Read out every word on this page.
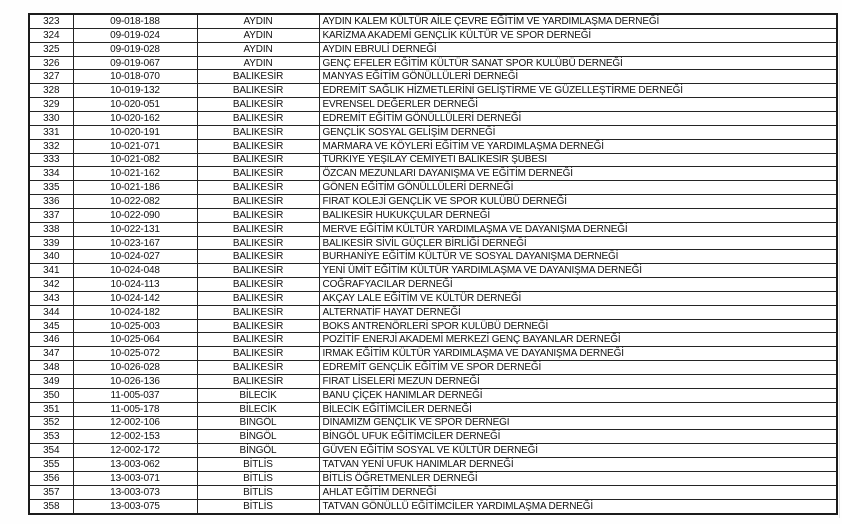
323	09-018-188	AYDIN	AYDIN KALEM KÜLTÜR AİLE ÇEVRE EĞİTİM VE YARDIMLAŞMA DERNEĞİ
324	09-019-024	AYDIN	KARİZMA AKADEMİ GENÇLİK KÜLTÜR VE SPOR DERNEĞİ
325	09-019-028	AYDIN	AYDIN EBRULİ DERNEĞİ
326	09-019-067	AYDIN	GENÇ EFELER EĞİTİM KÜLTÜR SANAT SPOR KULÜBÜ DERNEĞİ
327	10-018-070	BALIKESİR	MANYAS EĞİTİM GÖNÜLLÜLERİ DERNEĞİ
328	10-019-132	BALIKESİR	EDREMİT SAĞLIK HİZMETLERİNİ GELİŞTİRME VE GÜZELLEŞTİRME DERNEĞİ
329	10-020-051	BALIKESİR	EVRENSEL DEĞERLER DERNEĞİ
330	10-020-162	BALIKESİR	EDREMİT EĞİTİM GÖNÜLLÜLERİ DERNEĞİ
331	10-020-191	BALIKESİR	GENÇLİK SOSYAL GELİŞİM DERNEĞİ
332	10-021-071	BALIKESİR	MARMARA VE KÖYLERİ EĞİTİM VE YARDIMLAŞMA DERNEĞİ
333	10-021-082	BALIKESİR	TÜRKİYE YEŞİLAY CEMİYETİ BALIKESİR ŞUBESİ
334	10-021-162	BALIKESİR	ÖZCAN MEZUNLARI DAYANIŞMA VE EĞİTİM DERNEĞİ
335	10-021-186	BALIKESİR	GÖNEN EĞİTİM GÖNÜLLÜLERİ DERNEĞİ
336	10-022-082	BALIKESİR	FIRAT KOLEJİ GENÇLİK VE SPOR KULÜBÜ DERNEĞİ
337	10-022-090	BALIKESİR	BALIKESİR HUKUKÇULAR DERNEĞİ
338	10-022-131	BALIKESİR	MERVE EĞİTİM KÜLTÜR YARDIMLAŞMA VE DAYANIŞMA DERNEĞİ
339	10-023-167	BALIKESİR	BALIKESİR SİVİL GÜÇLER BİRLİĞİ DERNEĞİ
340	10-024-027	BALIKESİR	BURHANİYE EĞİTİM KÜLTÜR VE SOSYAL DAYANIŞMA DERNEĞİ
341	10-024-048	BALIKESİR	YENİ ÜMİT EĞİTİM KÜLTÜR YARDIMLAŞMA VE DAYANIŞMA DERNEĞİ
342	10-024-113	BALIKESİR	COĞRAFYACILAR DERNEĞİ
343	10-024-142	BALIKESİR	AKÇAY LALE EĞİTİM VE KÜLTÜR DERNEĞİ
344	10-024-182	BALIKESİR	ALTERNATİF HAYAT DERNEĞİ
345	10-025-003	BALIKESİR	BOKS ANTRENÖRLERİ SPOR KULÜBÜ DERNEĞİ
346	10-025-064	BALIKESİR	POZİTİF ENERJİ AKADEMİ MERKEZİ GENÇ BAYANLAR DERNEĞİ
347	10-025-072	BALIKESİR	IRMAK EĞİTİM KÜLTÜR YARDIMLAŞMA VE DAYANIŞMA DERNEĞİ
348	10-026-028	BALIKESİR	EDREMİT GENÇLİK EĞİTİM VE SPOR DERNEĞİ
349	10-026-136	BALIKESİR	FIRAT LİSELERİ MEZUN DERNEĞİ
350	11-005-037	BİLECİK	BANU ÇİÇEK HANIMLAR DERNEĞİ
351	11-005-178	BİLECİK	BİLECİK EĞİTİMCİLER DERNEĞİ
352	12-002-106	BİNGÖL	DİNAMİZM GENÇLİK VE SPOR DERNEĞİ
353	12-002-153	BİNGÖL	BİNGÖL UFUK EĞİTİMCİLER DERNEĞİ
354	12-002-172	BİNGÖL	GÜVEN EĞİTİM SOSYAL VE KÜLTÜR DERNEĞİ
355	13-003-062	BİTLİS	TATVAN YENİ UFUK HANIMLAR DERNEĞİ
356	13-003-071	BİTLİS	BİTLİS ÖĞRETMENLER DERNEĞİ
357	13-003-073	BİTLİS	AHLAT EĞİTİM DERNEĞİ
358	13-003-075	BİTLİS	TATVAN GÖNÜLLÜ EĞİTİMCİLER YARDIMLAŞMA DERNEĞİ
